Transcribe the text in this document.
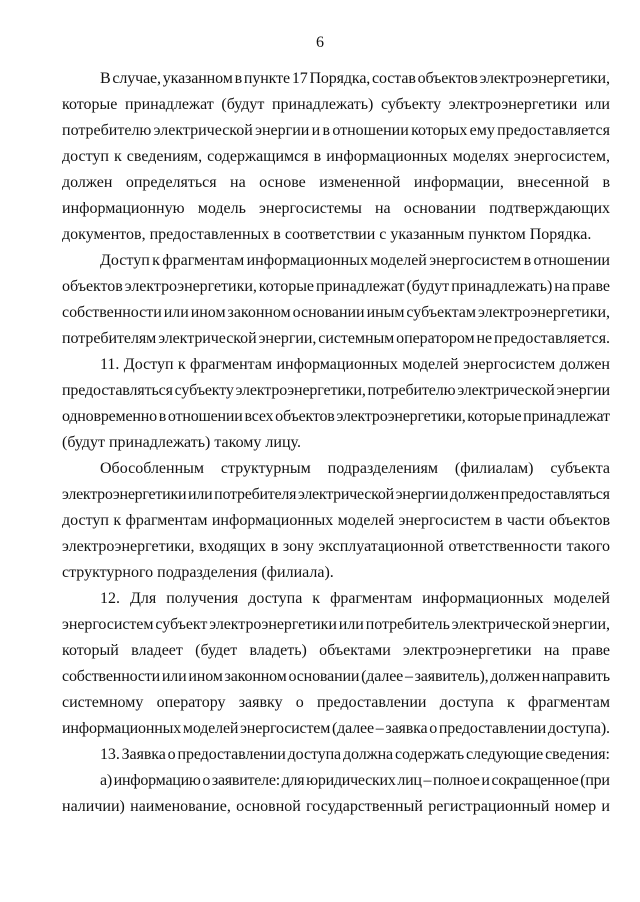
6
В случае, указанном в пункте 17 Порядка, состав объектов электроэнергетики,
которые принадлежат (будут принадлежать) субъекту электроэнергетики или
потребителю электрической энергии и в отношении которых ему предоставляется
доступ к сведениям, содержащимся в информационных моделях энергосистем,
должен определяться на основе измененной информации, внесенной в
информационную модель энергосистемы на основании подтверждающих
документов, предоставленных в соответствии с указанным пунктом Порядка.
Доступ к фрагментам информационных моделей энергосистем в отношении
объектов электроэнергетики, которые принадлежат (будут принадлежать) на праве
собственности или ином законном основании иным субъектам электроэнергетики,
потребителям электрической энергии, системным оператором не предоставляется.
11. Доступ к фрагментам информационных моделей энергосистем должен
предоставляться субъекту электроэнергетики, потребителю электрической энергии
одновременно в отношении всех объектов электроэнергетики, которые принадлежат
(будут принадлежать) такому лицу.
Обособленным структурным подразделениям (филиалам) субъекта
электроэнергетики или потребителя электрической энергии должен предоставляться
доступ к фрагментам информационных моделей энергосистем в части объектов
электроэнергетики, входящих в зону эксплуатационной ответственности такого
структурного подразделения (филиала).
12. Для получения доступа к фрагментам информационных моделей
энергосистем субъект электроэнергетики или потребитель электрической энергии,
который владеет (будет владеть) объектами электроэнергетики на праве
собственности или ином законном основании (далее – заявитель), должен направить
системному оператору заявку о предоставлении доступа к фрагментам
информационных моделей энергосистем (далее – заявка о предоставлении доступа).
13. Заявка о предоставлении доступа должна содержать следующие сведения:
а) информацию о заявителе: для юридических лиц – полное и сокращенное (при
наличии) наименование, основной государственный регистрационный номер и
